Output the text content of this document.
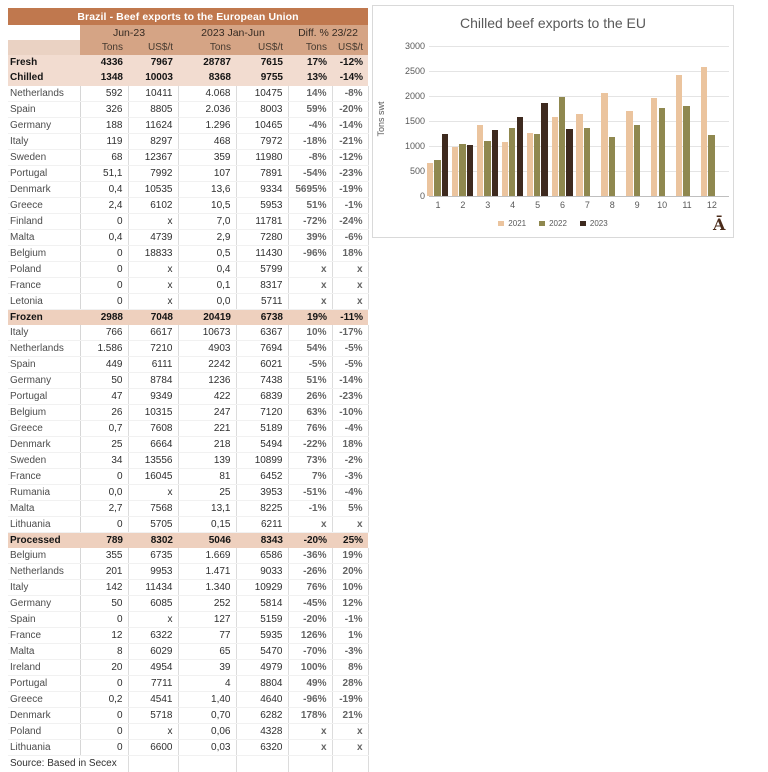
Brazil - Beef exports to the European Union						
	Jun-23		2023 Jan-Jun		Diff. % 23/22	
	Tons	US$/t	Tons	US$/t	Tons	US$/t
Fresh	4336	7967	28787	7615	17%	-12%
Chilled	1348	10003	8368	9755	13%	-14%
Netherlands	592	10411	4.068	10475	14%	-8%
Spain	326	8805	2.036	8003	59%	-20%
Germany	188	11624	1.296	10465	-4%	-14%
Italy	119	8297	468	7972	-18%	-21%
Sweden	68	12367	359	11980	-8%	-12%
Portugal	51,1	7992	107	7891	-54%	-23%
Denmark	0,4	10535	13,6	9334	5695%	-19%
Greece	2,4	6102	10,5	5953	51%	-1%
Finland	0	x	7,0	11781	-72%	-24%
Malta	0,4	4739	2,9	7280	39%	-6%
Belgium	0	18833	0,5	11430	-96%	18%
Poland	0	x	0,4	5799	x	x
France	0	x	0,1	8317	x	x
Letonia	0	x	0,0	5711	x	x
Frozen	2988	7048	20419	6738	19%	-11%
Italy	766	6617	10673	6367	10%	-17%
Netherlands	1.586	7210	4903	7694	54%	-5%
Spain	449	6111	2242	6021	-5%	-5%
Germany	50	8784	1236	7438	51%	-14%
Portugal	47	9349	422	6839	26%	-23%
Belgium	26	10315	247	7120	63%	-10%
Greece	0,7	7608	221	5189	76%	-4%
Denmark	25	6664	218	5494	-22%	18%
Sweden	34	13556	139	10899	73%	-2%
France	0	16045	81	6452	7%	-3%
Rumania	0,0	x	25	3953	-51%	-4%
Malta	2,7	7568	13,1	8225	-1%	5%
Lithuania	0	5705	0,15	6211	x	x
Processed	789	8302	5046	8343	-20%	25%
Belgium	355	6735	1.669	6586	-36%	19%
Netherlands	201	9953	1.471	9033	-26%	20%
Italy	142	11434	1.340	10929	76%	10%
Germany	50	6085	252	5814	-45%	12%
Spain	0	x	127	5159	-20%	-1%
France	12	6322	77	5935	126%	1%
Malta	8	6029	65	5470	-70%	-3%
Ireland	20	4954	39	4979	100%	8%
Portugal	0	7711	4	8804	49%	28%
Greece	0,2	4541	1,40	4640	-96%	-19%
Denmark	0	5718	0,70	6282	178%	21%
Poland	0	x	0,06	4328	x	x
Lithuania	0	6600	0,03	6320	x	x
Source: Based in Secex						
0
500
1000
1500
2000
2500
3000
1	2	3	4	5	6	7	8	9	10	11	12
Chilled beef exports to the EU
Tons swt
2021	2022	2023	Ā
